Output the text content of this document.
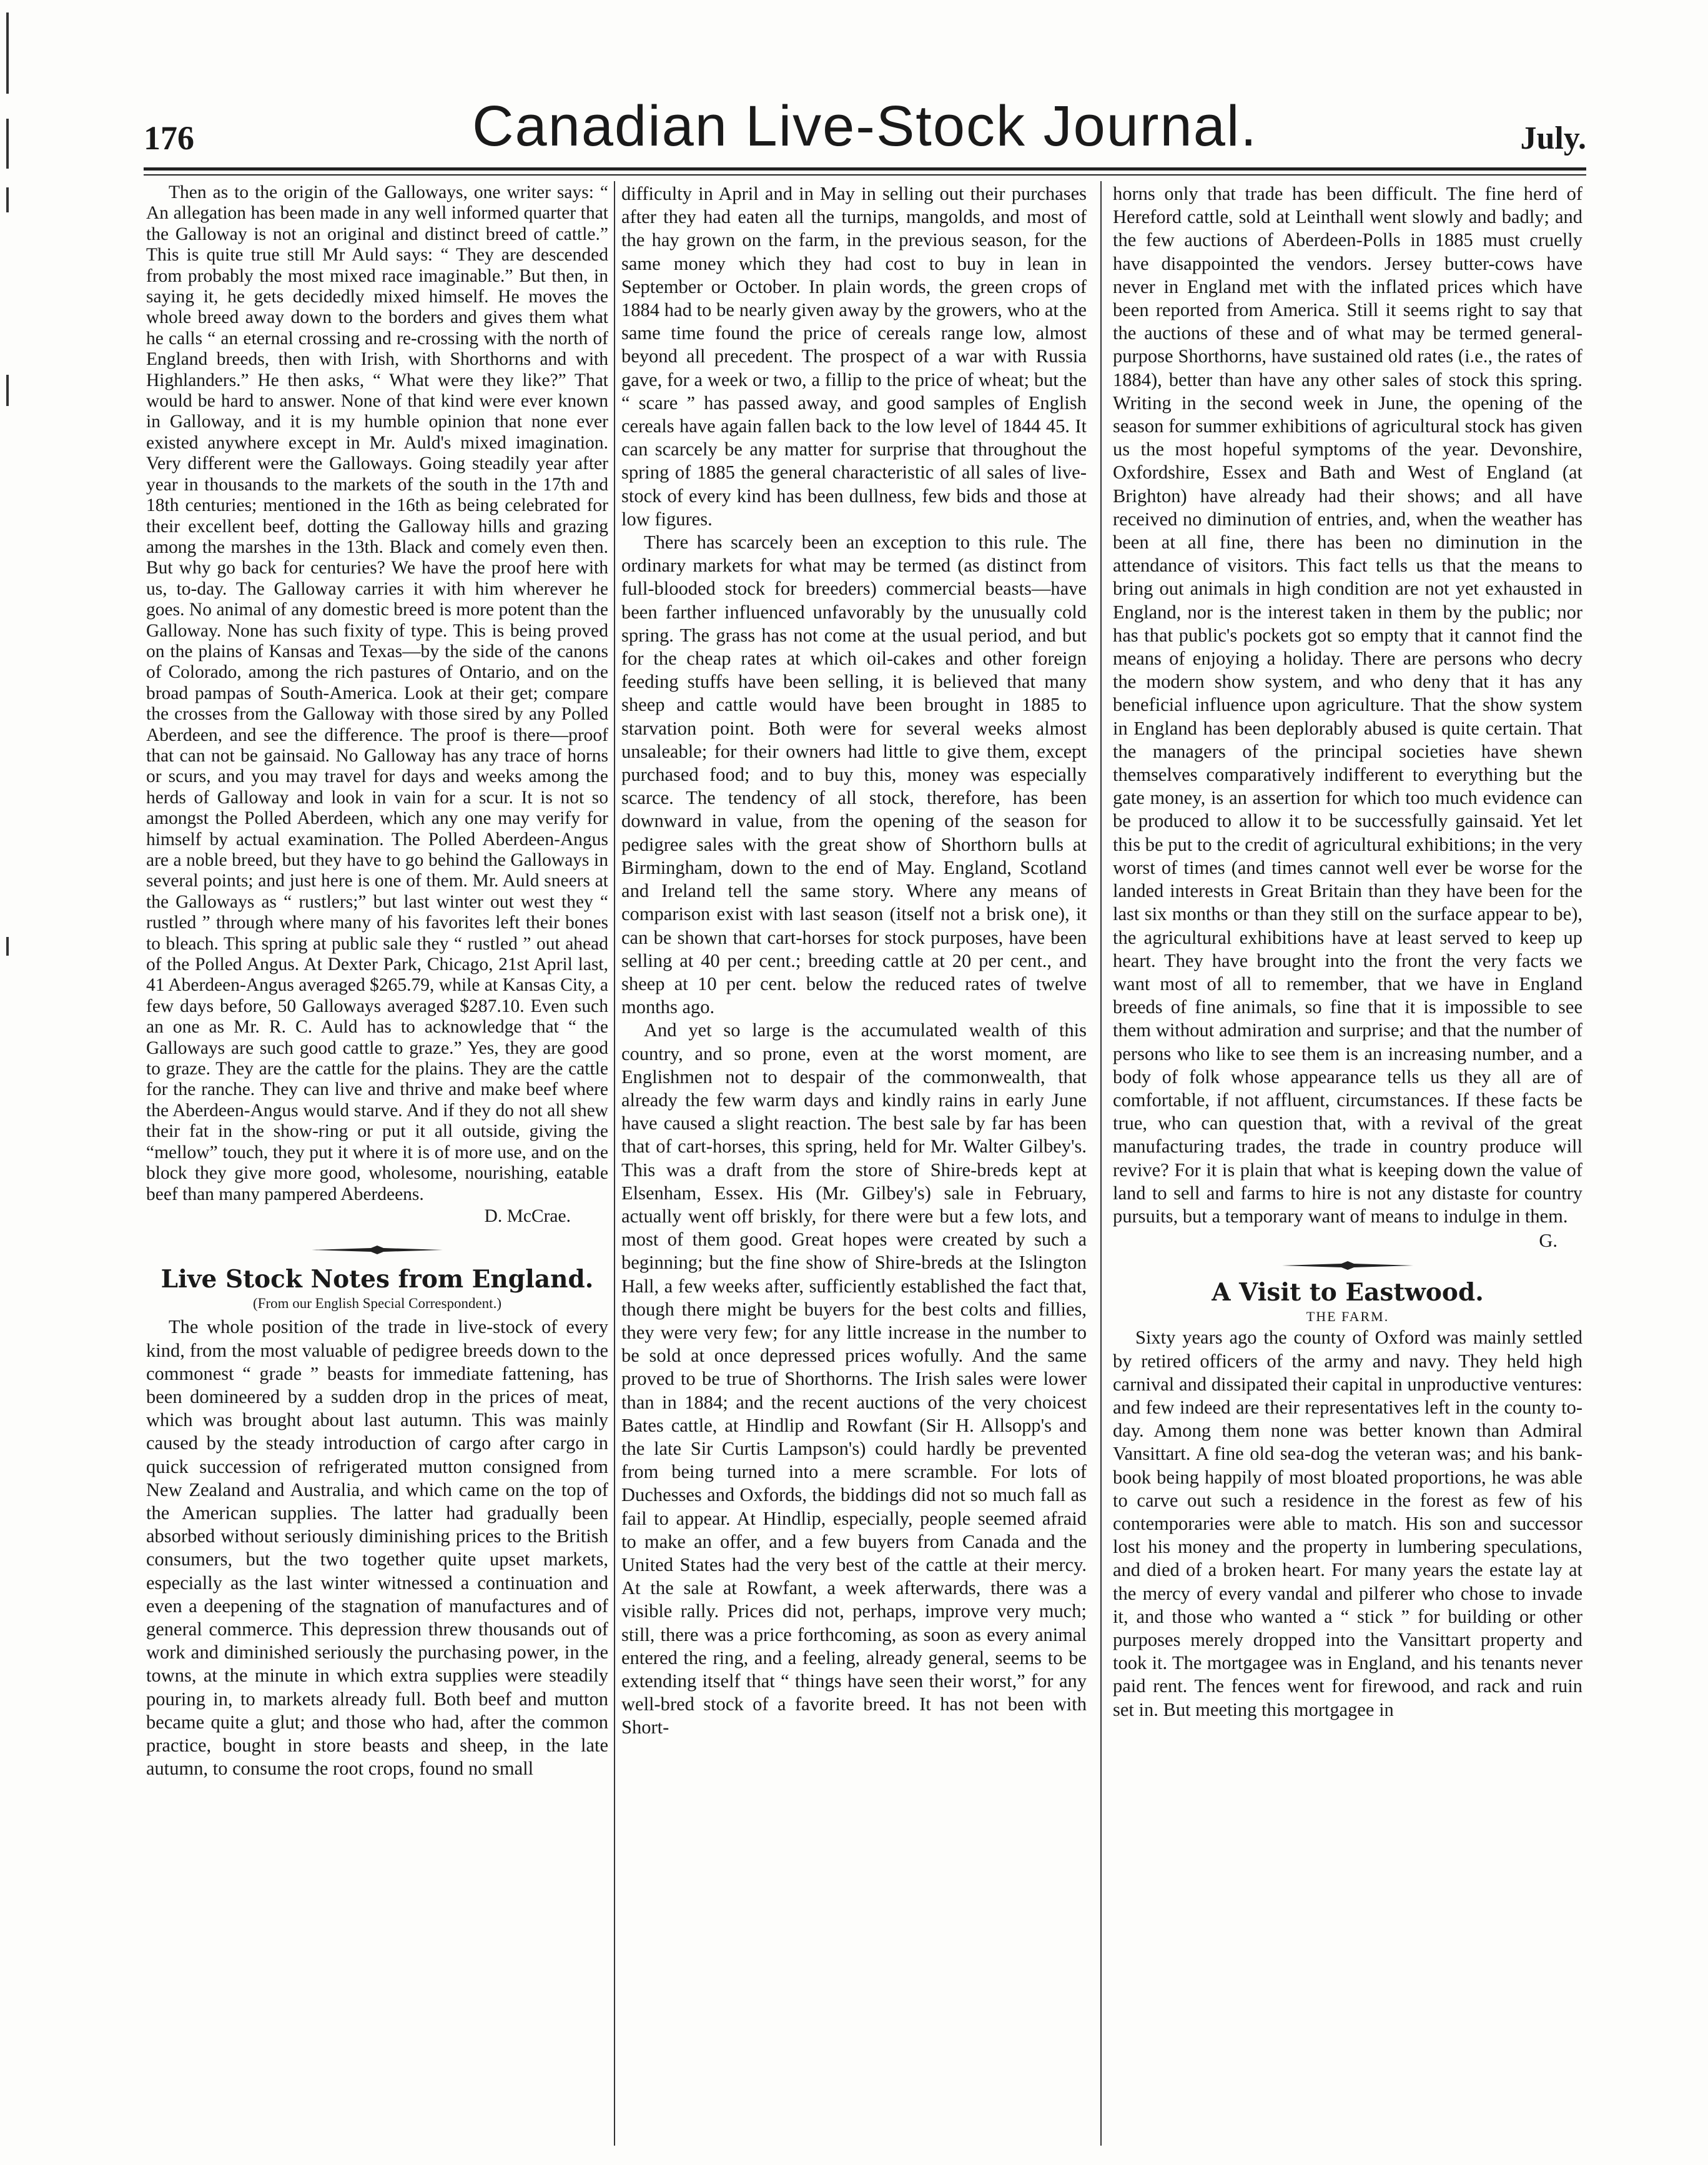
176	Canadian Live-Stock Journal.	July.

Then as to the origin of the Galloways, one writer says: “ An allegation has been made in any well informed quarter that the Galloway is not an original and distinct breed of cattle.” This is quite true still Mr Auld says: “ They are descended from probably the most mixed race imaginable.” But then, in saying it, he gets decidedly mixed himself. He moves the whole breed away down to the borders and gives them what he calls “ an eternal crossing and re-crossing with the north of England breeds, then with Irish, with Shorthorns and with Highlanders.” He then asks, “ What were they like?” That would be hard to answer. None of that kind were ever known in Galloway, and it is my humble opinion that none ever existed anywhere except in Mr. Auld's mixed imagination. Very different were the Galloways. Going steadily year after year in thousands to the markets of the south in the 17th and 18th centuries; mentioned in the 16th as being celebrated for their excellent beef, dotting the Galloway hills and grazing among the marshes in the 13th. Black and comely even then. But why go back for centuries? We have the proof here with us, to-day. The Galloway carries it with him wherever he goes. No animal of any domestic breed is more potent than the Galloway. None has such fixity of type. This is being proved on the plains of Kansas and Texas—by the side of the canons of Colorado, among the rich pastures of Ontario, and on the broad pampas of South-America. Look at their get; compare the crosses from the Galloway with those sired by any Polled Aberdeen, and see the difference. The proof is there—proof that can not be gainsaid. No Galloway has any trace of horns or scurs, and you may travel for days and weeks among the herds of Galloway and look in vain for a scur. It is not so amongst the Polled Aberdeen, which any one may verify for himself by actual examination. The Polled Aberdeen-Angus are a noble breed, but they have to go behind the Galloways in several points; and just here is one of them. Mr. Auld sneers at the Galloways as “ rustlers;” but last winter out west they “ rustled ” through where many of his favorites left their bones to bleach. This spring at public sale they “ rustled ” out ahead of the Polled Angus. At Dexter Park, Chicago, 21st April last, 41 Aberdeen-Angus averaged $265.79, while at Kansas City, a few days before, 50 Galloways averaged $287.10. Even such an one as Mr. R. C. Auld has to acknowledge that “ the Galloways are such good cattle to graze.” Yes, they are good to graze. They are the cattle for the plains. They are the cattle for the ranche. They can live and thrive and make beef where the Aberdeen-Angus would starve. And if they do not all shew their fat in the show-ring or put it all outside, giving the “mellow” touch, they put it where it is of more use, and on the block they give more good, wholesome, nourishing, eatable beef than many pampered Aberdeens.

D. McCrae.

Live Stock Notes from England.

(From our English Special Correspondent.)

The whole position of the trade in live-stock of every kind, from the most valuable of pedigree breeds down to the commonest “ grade ” beasts for immediate fattening, has been domineered by a sudden drop in the prices of meat, which was brought about last autumn. This was mainly caused by the steady introduction of cargo after cargo in quick succession of refrigerated mutton consigned from New Zealand and Australia, and which came on the top of the American supplies. The latter had gradually been absorbed without seriously diminishing prices to the British consumers, but the two together quite upset markets, especially as the last winter witnessed a continuation and even a deepening of the stagnation of manufactures and of general commerce. This depression threw thousands out of work and diminished seriously the purchasing power, in the towns, at the minute in which extra supplies were steadily pouring in, to markets already full. Both beef and mutton became quite a glut; and those who had, after the common practice, bought in store beasts and sheep, in the late autumn, to consume the root crops, found no small

difficulty in April and in May in selling out their purchases after they had eaten all the turnips, mangolds, and most of the hay grown on the farm, in the previous season, for the same money which they had cost to buy in lean in September or October. In plain words, the green crops of 1884 had to be nearly given away by the growers, who at the same time found the price of cereals range low, almost beyond all precedent. The prospect of a war with Russia gave, for a week or two, a fillip to the price of wheat; but the “ scare ” has passed away, and good samples of English cereals have again fallen back to the low level of 1844 45. It can scarcely be any matter for surprise that throughout the spring of 1885 the general characteristic of all sales of live-stock of every kind has been dullness, few bids and those at low figures.

There has scarcely been an exception to this rule. The ordinary markets for what may be termed (as distinct from full-blooded stock for breeders) commercial beasts—have been farther influenced unfavorably by the unusually cold spring. The grass has not come at the usual period, and but for the cheap rates at which oil-cakes and other foreign feeding stuffs have been selling, it is believed that many sheep and cattle would have been brought in 1885 to starvation point. Both were for several weeks almost unsaleable; for their owners had little to give them, except purchased food; and to buy this, money was especially scarce. The tendency of all stock, therefore, has been downward in value, from the opening of the season for pedigree sales with the great show of Shorthorn bulls at Birmingham, down to the end of May. England, Scotland and Ireland tell the same story. Where any means of comparison exist with last season (itself not a brisk one), it can be shown that cart-horses for stock purposes, have been selling at 40 per cent.; breeding cattle at 20 per cent., and sheep at 10 per cent. below the reduced rates of twelve months ago.

And yet so large is the accumulated wealth of this country, and so prone, even at the worst moment, are Englishmen not to despair of the commonwealth, that already the few warm days and kindly rains in early June have caused a slight reaction. The best sale by far has been that of cart-horses, this spring, held for Mr. Walter Gilbey's. This was a draft from the store of Shire-breds kept at Elsenham, Essex. His (Mr. Gilbey's) sale in February, actually went off briskly, for there were but a few lots, and most of them good. Great hopes were created by such a beginning; but the fine show of Shire-breds at the Islington Hall, a few weeks after, sufficiently established the fact that, though there might be buyers for the best colts and fillies, they were very few; for any little increase in the number to be sold at once depressed prices wofully. And the same proved to be true of Shorthorns. The Irish sales were lower than in 1884; and the recent auctions of the very choicest Bates cattle, at Hindlip and Rowfant (Sir H. Allsopp's and the late Sir Curtis Lampson's) could hardly be prevented from being turned into a mere scramble. For lots of Duchesses and Oxfords, the biddings did not so much fall as fail to appear. At Hindlip, especially, people seemed afraid to make an offer, and a few buyers from Canada and the United States had the very best of the cattle at their mercy. At the sale at Rowfant, a week afterwards, there was a visible rally. Prices did not, perhaps, improve very much; still, there was a price forthcoming, as soon as every animal entered the ring, and a feeling, already general, seems to be extending itself that “ things have seen their worst,” for any well-bred stock of a favorite breed. It has not been with Short-

horns only that trade has been difficult. The fine herd of Hereford cattle, sold at Leinthall went slowly and badly; and the few auctions of Aberdeen-Polls in 1885 must cruelly have disappointed the vendors. Jersey butter-cows have never in England met with the inflated prices which have been reported from America. Still it seems right to say that the auctions of these and of what may be termed general-purpose Shorthorns, have sustained old rates (i.e., the rates of 1884), better than have any other sales of stock this spring. Writing in the second week in June, the opening of the season for summer exhibitions of agricultural stock has given us the most hopeful symptoms of the year. Devonshire, Oxfordshire, Essex and Bath and West of England (at Brighton) have already had their shows; and all have received no diminution of entries, and, when the weather has been at all fine, there has been no diminution in the attendance of visitors. This fact tells us that the means to bring out animals in high condition are not yet exhausted in England, nor is the interest taken in them by the public; nor has that public's pockets got so empty that it cannot find the means of enjoying a holiday. There are persons who decry the modern show system, and who deny that it has any beneficial influence upon agriculture. That the show system in England has been deplorably abused is quite certain. That the managers of the principal societies have shewn themselves comparatively indifferent to everything but the gate money, is an assertion for which too much evidence can be produced to allow it to be successfully gainsaid. Yet let this be put to the credit of agricultural exhibitions; in the very worst of times (and times cannot well ever be worse for the landed interests in Great Britain than they have been for the last six months or than they still on the surface appear to be), the agricultural exhibitions have at least served to keep up heart. They have brought into the front the very facts we want most of all to remember, that we have in England breeds of fine animals, so fine that it is impossible to see them without admiration and surprise; and that the number of persons who like to see them is an increasing number, and a body of folk whose appearance tells us they all are of comfortable, if not affluent, circumstances. If these facts be true, who can question that, with a revival of the great manufacturing trades, the trade in country produce will revive? For it is plain that what is keeping down the value of land to sell and farms to hire is not any distaste for country pursuits, but a temporary want of means to indulge in them.

G.

A Visit to Eastwood.

THE FARM.

Sixty years ago the county of Oxford was mainly settled by retired officers of the army and navy. They held high carnival and dissipated their capital in unproductive ventures: and few indeed are their representatives left in the county to-day. Among them none was better known than Admiral Vansittart. A fine old sea-dog the veteran was; and his bank-book being happily of most bloated proportions, he was able to carve out such a residence in the forest as few of his contemporaries were able to match. His son and successor lost his money and the property in lumbering speculations, and died of a broken heart. For many years the estate lay at the mercy of every vandal and pilferer who chose to invade it, and those who wanted a “ stick ” for building or other purposes merely dropped into the Vansittart property and took it. The mortgagee was in England, and his tenants never paid rent. The fences went for firewood, and rack and ruin set in. But meeting this mortgagee in
